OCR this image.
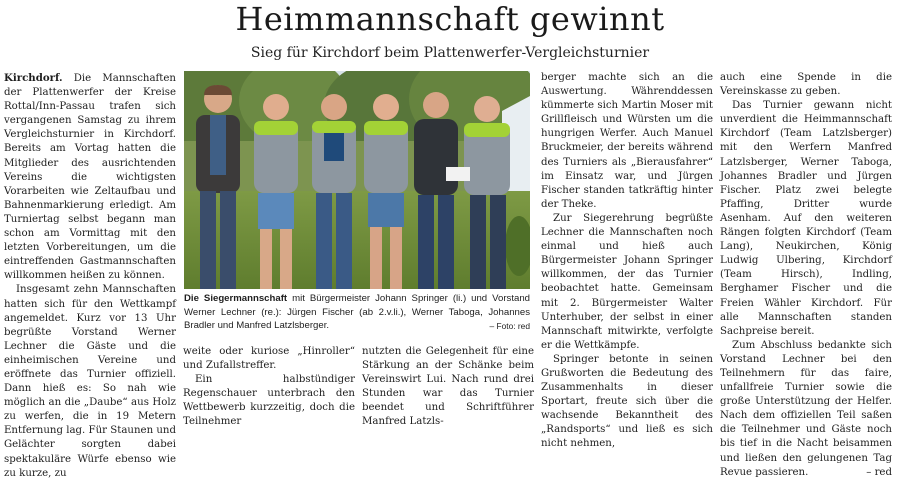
Heimmannschaft gewinnt
Sieg für Kirchdorf beim Plattenwerfer-Vergleichsturnier

Kirchdorf. Die Mannschaften der Plattenwerfer der Kreise Rottal/Inn-Passau trafen sich vergangenen Samstag zu ihrem Vergleichsturnier in Kirchdorf. Bereits am Vortag hatten die Mitglieder des ausrichtenden Vereins die wichtigsten Vorarbeiten wie Zeltaufbau und Bahnenmarkierung erledigt. Am Turniertag selbst begann man schon am Vormittag mit den letzten Vorbereitungen, um die eintreffenden Gastmannschaften willkommen heißen zu können.

Insgesamt zehn Mannschaften hatten sich für den Wettkampf angemeldet. Kurz vor 13 Uhr begrüßte Vorstand Werner Lechner die Gäste und die einheimischen Vereine und eröffnete das Turnier offiziell. Dann hieß es: So nah wie möglich an die „Daube“ aus Holz zu werfen, die in 19 Metern Entfernung lag. Für Staunen und Gelächter sorgten dabei spektakuläre Würfe ebenso wie zu kurze, zu

Die Siegermannschaft mit Bürgermeister Johann Springer (li.) und Vorstand Werner Lechner (re.): Jürgen Fischer (ab 2.v.li.), Werner Taboga, Johannes Bradler und Manfred Latzlsberger.	– Foto: red

weite oder kuriose „Hinroller“ und Zufallstreffer.

Ein halbstündiger Regenschauer unterbrach den Wettbewerb kurzzeitig, doch die Teilnehmer

nutzten die Gelegenheit für eine Stärkung an der Schänke beim Vereinswirt Lui. Nach rund drei Stunden war das Turnier beendet und Schriftführer Manfred Latzls-

berger machte sich an die Auswertung. Währenddessen kümmerte sich Martin Moser mit Grillfleisch und Würsten um die hungrigen Werfer. Auch Manuel Bruckmeier, der bereits während des Turniers als „Bierausfahrer“ im Einsatz war, und Jürgen Fischer standen tatkräftig hinter der Theke.

Zur Siegerehrung begrüßte Lechner die Mannschaften noch einmal und hieß auch Bürgermeister Johann Springer willkommen, der das Turnier beobachtet hatte. Gemeinsam mit 2. Bürgermeister Walter Unterhuber, der selbst in einer Mannschaft mitwirkte, verfolgte er die Wettkämpfe.

Springer betonte in seinen Grußworten die Bedeutung des Zusammenhalts in dieser Sportart, freute sich über die wachsende Bekanntheit des „Randsports“ und ließ es sich nicht nehmen,

auch eine Spende in die Vereinskasse zu geben.

Das Turnier gewann nicht unverdient die Heimmannschaft Kirchdorf (Team Latzlsberger) mit den Werfern Manfred Latzlsberger, Werner Taboga, Johannes Bradler und Jürgen Fischer. Platz zwei belegte Pfaffing, Dritter wurde Asenham. Auf den weiteren Rängen folgten Kirchdorf (Team Lang), Neukirchen, König Ludwig Ulbering, Kirchdorf (Team Hirsch), Indling, Berghamer Fischer und die Freien Wähler Kirchdorf. Für alle Mannschaften standen Sachpreise bereit.

Zum Abschluss bedankte sich Vorstand Lechner bei den Teilnehmern für das faire, unfallfreie Turnier sowie die große Unterstützung der Helfer. Nach dem offiziellen Teil saßen die Teilnehmer und Gäste noch bis tief in die Nacht beisammen und ließen den gelungenen Tag Revue passieren.	– red
